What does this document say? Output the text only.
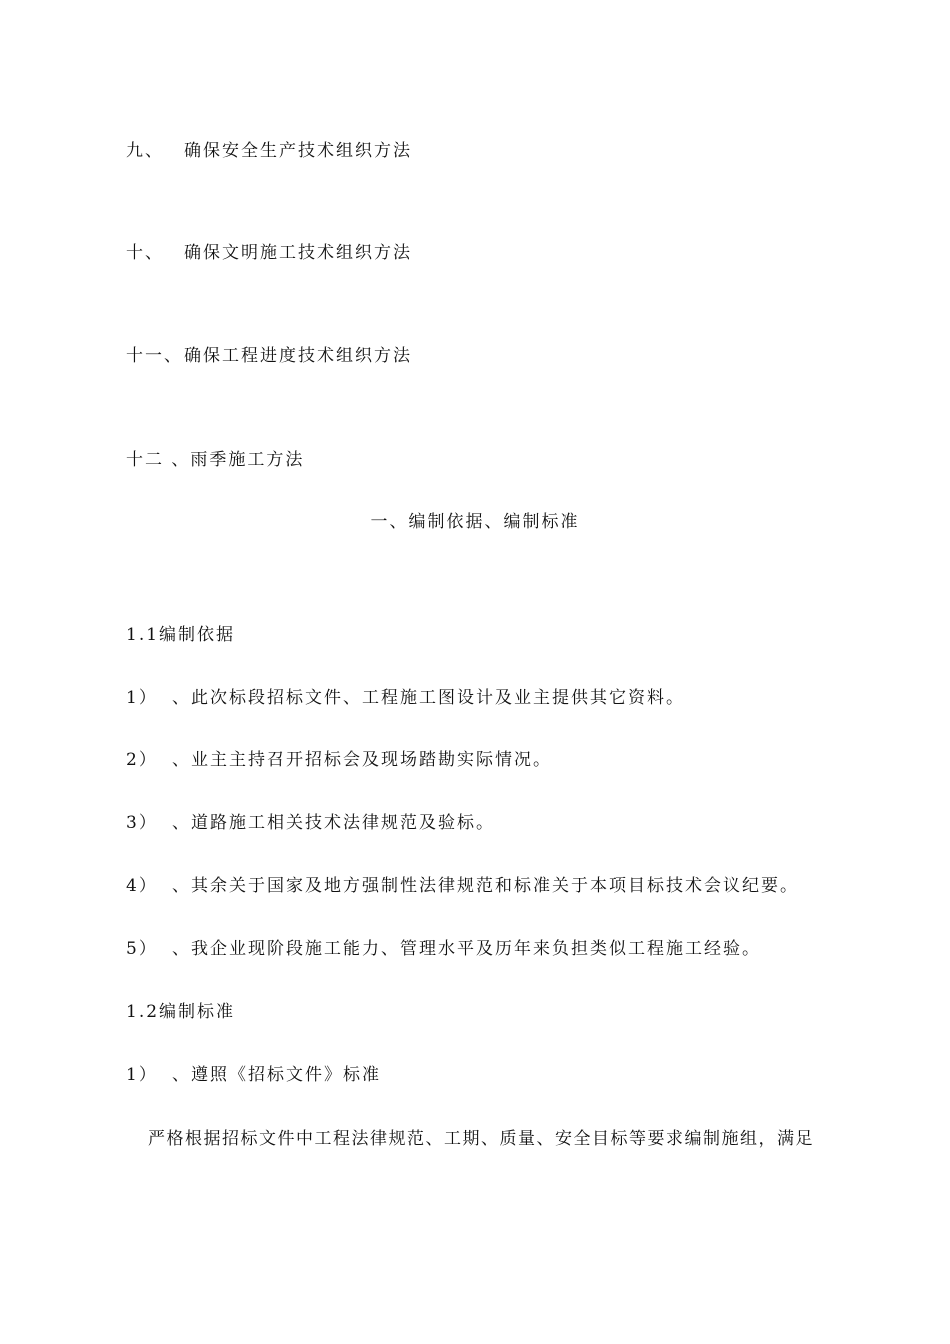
九、 确保安全生产技术组织方法
十、 确保文明施工技术组织方法
十一、确保工程进度技术组织方法
十二 、雨季施工方法
一、编制依据、编制标准
1.1编制依据
1） 、此次标段招标文件、工程施工图设计及业主提供其它资料。
2） 、业主主持召开招标会及现场踏勘实际情况。
3） 、道路施工相关技术法律规范及验标。
4） 、其余关于国家及地方强制性法律规范和标准关于本项目标技术会议纪要。
5） 、我企业现阶段施工能力、管理水平及历年来负担类似工程施工经验。
1.2编制标准
1） 、遵照《招标文件》标准
严格根据招标文件中工程法律规范、工期、质量、安全目标等要求编制施组，满足
